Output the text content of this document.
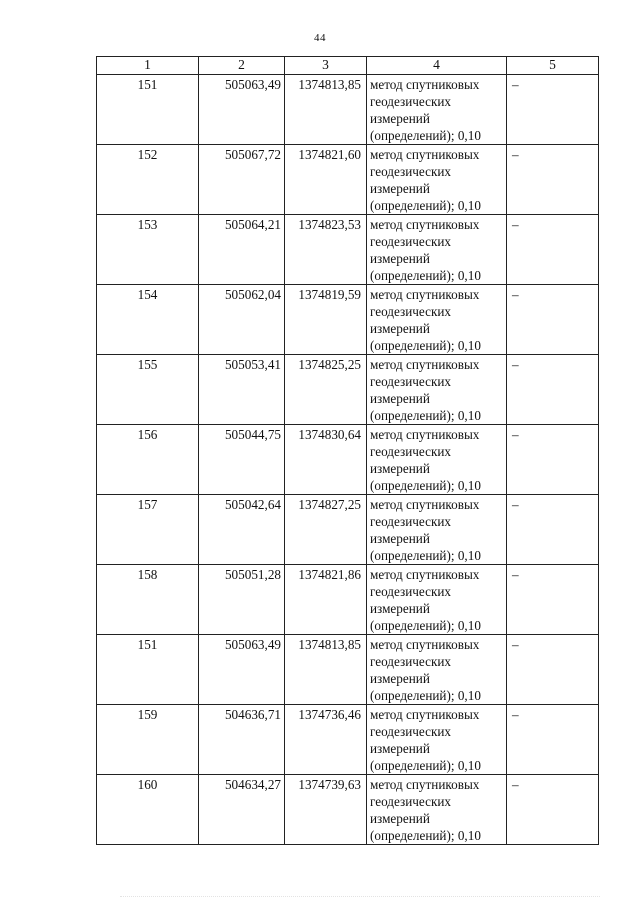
44
1	2	3	4	5
151	505063,49	1374813,85	метод спутниковых
геодезических
измерений
(определений); 0,10	–
152	505067,72	1374821,60	метод спутниковых
геодезических
измерений
(определений); 0,10	–
153	505064,21	1374823,53	метод спутниковых
геодезических
измерений
(определений); 0,10	–
154	505062,04	1374819,59	метод спутниковых
геодезических
измерений
(определений); 0,10	–
155	505053,41	1374825,25	метод спутниковых
геодезических
измерений
(определений); 0,10	–
156	505044,75	1374830,64	метод спутниковых
геодезических
измерений
(определений); 0,10	–
157	505042,64	1374827,25	метод спутниковых
геодезических
измерений
(определений); 0,10	–
158	505051,28	1374821,86	метод спутниковых
геодезических
измерений
(определений); 0,10	–
151	505063,49	1374813,85	метод спутниковых
геодезических
измерений
(определений); 0,10	–
159	504636,71	1374736,46	метод спутниковых
геодезических
измерений
(определений); 0,10	–
160	504634,27	1374739,63	метод спутниковых
геодезических
измерений
(определений); 0,10	–
